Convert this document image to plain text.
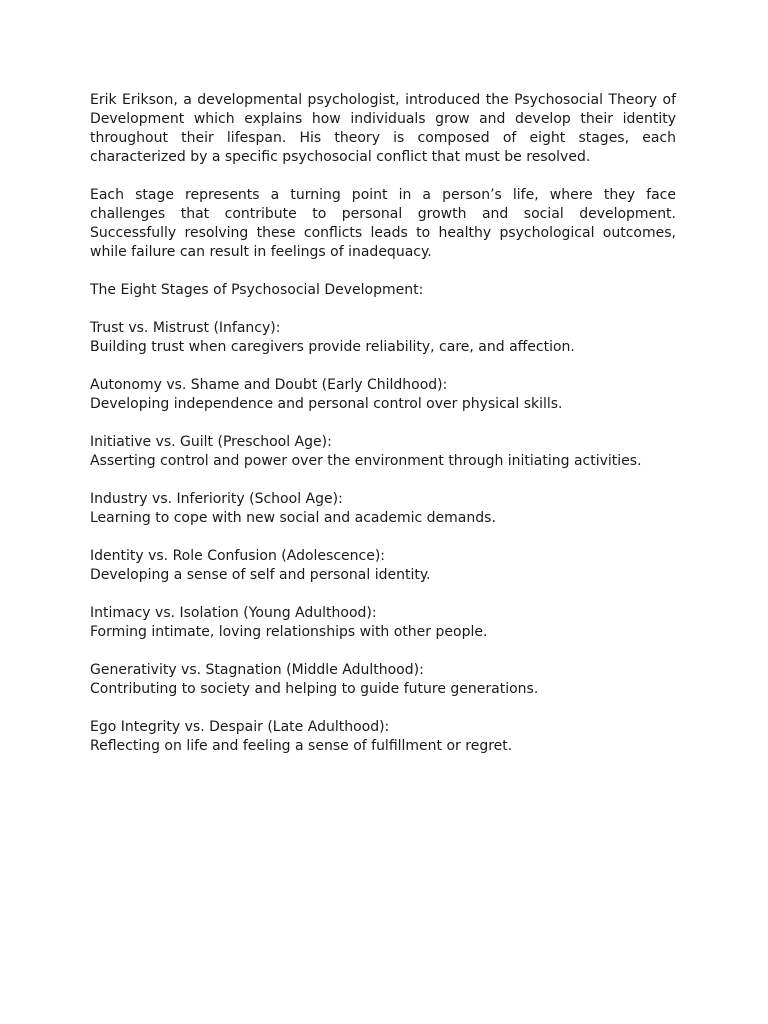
Erik Erikson, a developmental psychologist, introduced the Psychosocial Theory of Development which explains how individuals grow and develop their identity throughout their lifespan. His theory is composed of eight stages, each characterized by a specific psychosocial conflict that must be resolved.

Each stage represents a turning point in a person’s life, where they face challenges that contribute to personal growth and social development. Successfully resolving these conflicts leads to healthy psychological outcomes, while failure can result in feelings of inadequacy.

The Eight Stages of Psychosocial Development:

Trust vs. Mistrust (Infancy):

Building trust when caregivers provide reliability, care, and affection.

Autonomy vs. Shame and Doubt (Early Childhood):

Developing independence and personal control over physical skills.

Initiative vs. Guilt (Preschool Age):

Asserting control and power over the environment through initiating activities.

Industry vs. Inferiority (School Age):

Learning to cope with new social and academic demands.

Identity vs. Role Confusion (Adolescence):

Developing a sense of self and personal identity.

Intimacy vs. Isolation (Young Adulthood):

Forming intimate, loving relationships with other people.

Generativity vs. Stagnation (Middle Adulthood):

Contributing to society and helping to guide future generations.

Ego Integrity vs. Despair (Late Adulthood):

Reflecting on life and feeling a sense of fulfillment or regret.
